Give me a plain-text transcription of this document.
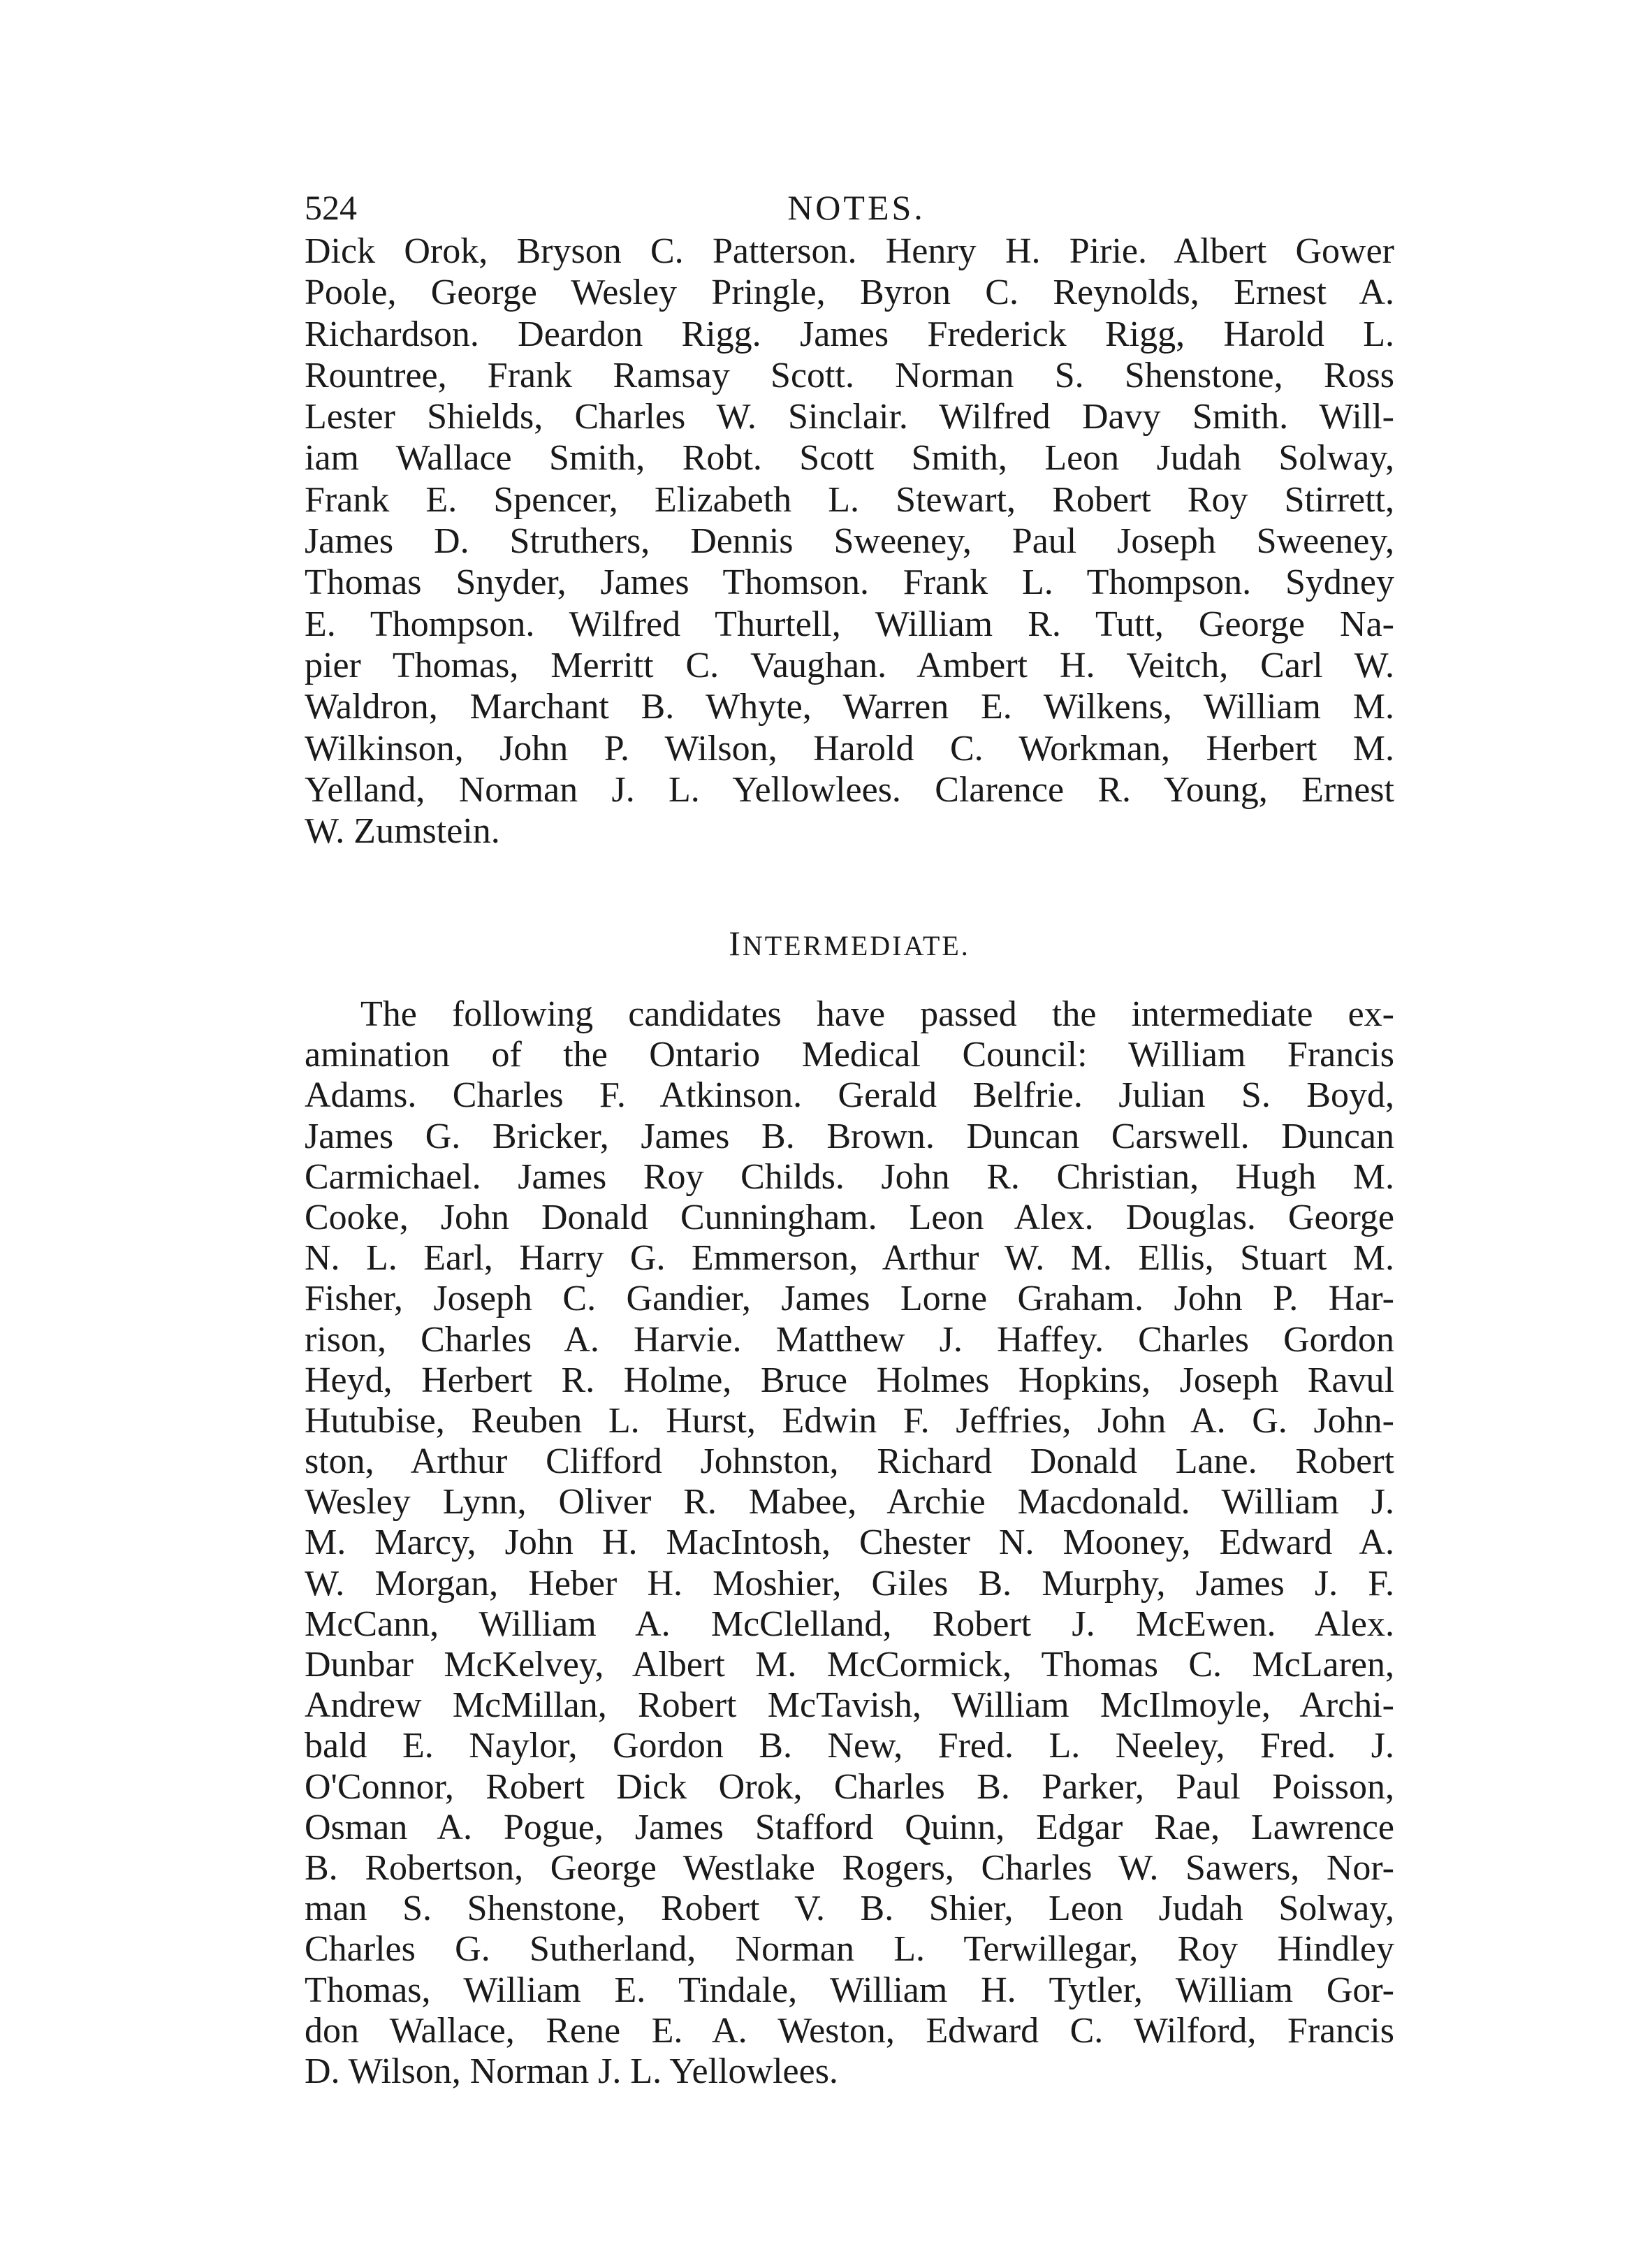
524	NOTES.
Dick Orok, Bryson C. Patterson. Henry H. Pirie. Albert Gower
Poole, George Wesley Pringle, Byron C. Reynolds, Ernest A.
Richardson. Deardon Rigg. James Frederick Rigg, Harold L.
Rountree, Frank Ramsay Scott. Norman S. Shenstone, Ross
Lester Shields, Charles W. Sinclair. Wilfred Davy Smith. Will-
iam Wallace Smith, Robt. Scott Smith, Leon Judah Solway,
Frank E. Spencer, Elizabeth L. Stewart, Robert Roy Stirrett,
James D. Struthers, Dennis Sweeney, Paul Joseph Sweeney,
Thomas Snyder, James Thomson. Frank L. Thompson. Sydney
E. Thompson. Wilfred Thurtell, William R. Tutt, George Na-
pier Thomas, Merritt C. Vaughan. Ambert H. Veitch, Carl W.
Waldron, Marchant B. Whyte, Warren E. Wilkens, William M.
Wilkinson, John P. Wilson, Harold C. Workman, Herbert M.
Yelland, Norman J. L. Yellowlees. Clarence R. Young, Ernest
W. Zumstein.
INTERMEDIATE.
The following candidates have passed the intermediate ex-
amination of the Ontario Medical Council: William Francis
Adams. Charles F. Atkinson. Gerald Belfrie. Julian S. Boyd,
James G. Bricker, James B. Brown. Duncan Carswell. Duncan
Carmichael. James Roy Childs. John R. Christian, Hugh M.
Cooke, John Donald Cunningham. Leon Alex. Douglas. George
N. L. Earl, Harry G. Emmerson, Arthur W. M. Ellis, Stuart M.
Fisher, Joseph C. Gandier, James Lorne Graham. John P. Har-
rison, Charles A. Harvie. Matthew J. Haffey. Charles Gordon
Heyd, Herbert R. Holme, Bruce Holmes Hopkins, Joseph Ravul
Hutubise, Reuben L. Hurst, Edwin F. Jeffries, John A. G. John-
ston, Arthur Clifford Johnston, Richard Donald Lane. Robert
Wesley Lynn, Oliver R. Mabee, Archie Macdonald. William J.
M. Marcy, John H. MacIntosh, Chester N. Mooney, Edward A.
W. Morgan, Heber H. Moshier, Giles B. Murphy, James J. F.
McCann, William A. McClelland, Robert J. McEwen. Alex.
Dunbar McKelvey, Albert M. McCormick, Thomas C. McLaren,
Andrew McMillan, Robert McTavish, William McIlmoyle, Archi-
bald E. Naylor, Gordon B. New, Fred. L. Neeley, Fred. J.
O'Connor, Robert Dick Orok, Charles B. Parker, Paul Poisson,
Osman A. Pogue, James Stafford Quinn, Edgar Rae, Lawrence
B. Robertson, George Westlake Rogers, Charles W. Sawers, Nor-
man S. Shenstone, Robert V. B. Shier, Leon Judah Solway,
Charles G. Sutherland, Norman L. Terwillegar, Roy Hindley
Thomas, William E. Tindale, William H. Tytler, William Gor-
don Wallace, Rene E. A. Weston, Edward C. Wilford, Francis
D. Wilson, Norman J. L. Yellowlees.
